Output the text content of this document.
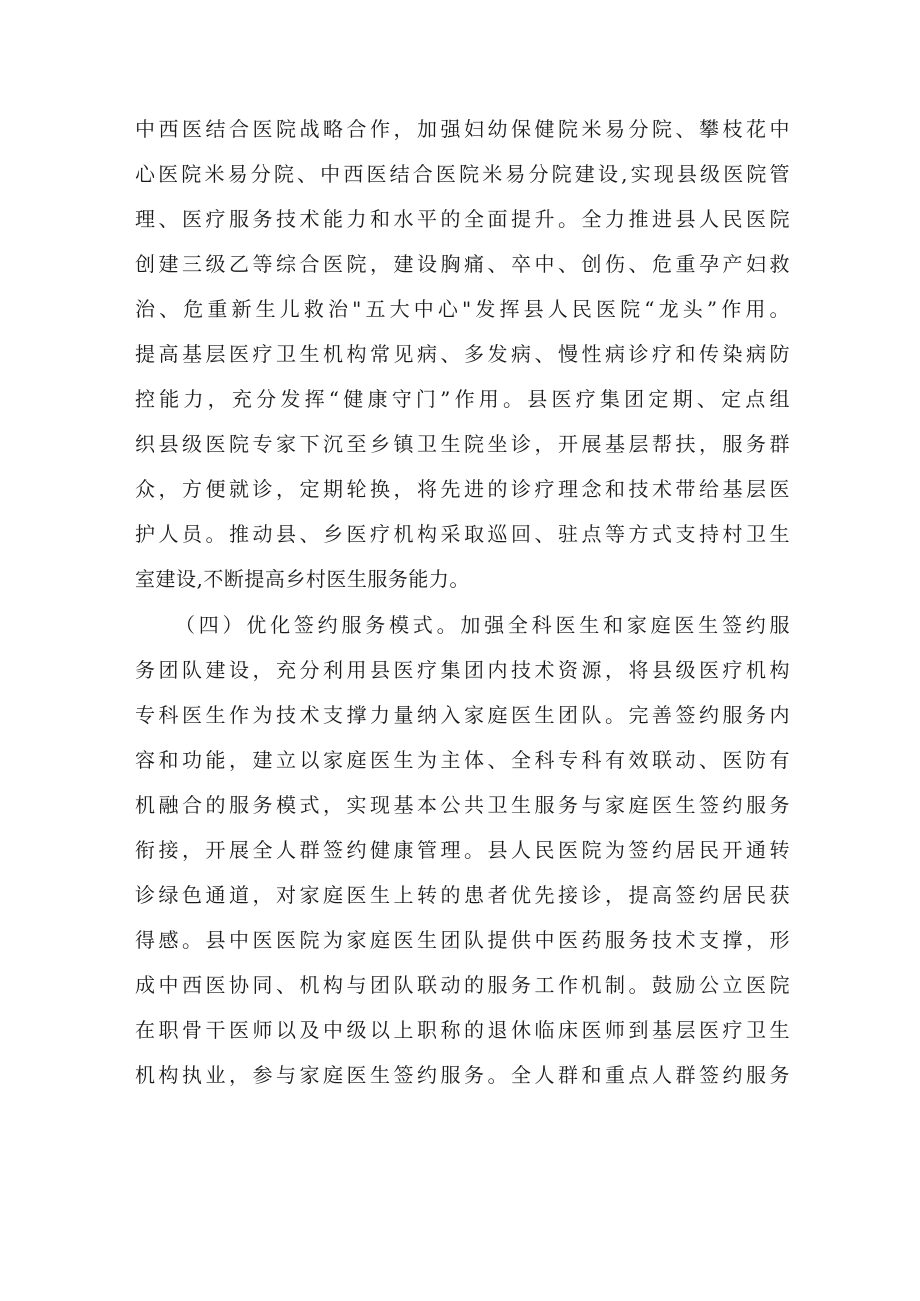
中西医结合医院战略合作，加强妇幼保健院米易分院、攀枝花中
心医院米易分院、中西医结合医院米易分院建设,实现县级医院管
理、医疗服务技术能力和水平的全面提升。全力推进县人民医院
创建三级乙等综合医院，建设胸痛、卒中、创伤、危重孕产妇救
治、危重新生儿救治"五大中心"发挥县人民医院“龙头”作用。
提高基层医疗卫生机构常见病、多发病、慢性病诊疗和传染病防
控能力，充分发挥“健康守门”作用。县医疗集团定期、定点组
织县级医院专家下沉至乡镇卫生院坐诊，开展基层帮扶，服务群
众，方便就诊，定期轮换，将先进的诊疗理念和技术带给基层医
护人员。推动县、乡医疗机构采取巡回、驻点等方式支持村卫生
室建设,不断提高乡村医生服务能力。
（四）优化签约服务模式。加强全科医生和家庭医生签约服
务团队建设，充分利用县医疗集团内技术资源，将县级医疗机构
专科医生作为技术支撑力量纳入家庭医生团队。完善签约服务内
容和功能，建立以家庭医生为主体、全科专科有效联动、医防有
机融合的服务模式，实现基本公共卫生服务与家庭医生签约服务
衔接，开展全人群签约健康管理。县人民医院为签约居民开通转
诊绿色通道，对家庭医生上转的患者优先接诊，提高签约居民获
得感。县中医医院为家庭医生团队提供中医药服务技术支撑，形
成中西医协同、机构与团队联动的服务工作机制。鼓励公立医院
在职骨干医师以及中级以上职称的退休临床医师到基层医疗卫生
机构执业，参与家庭医生签约服务。全人群和重点人群签约服务
